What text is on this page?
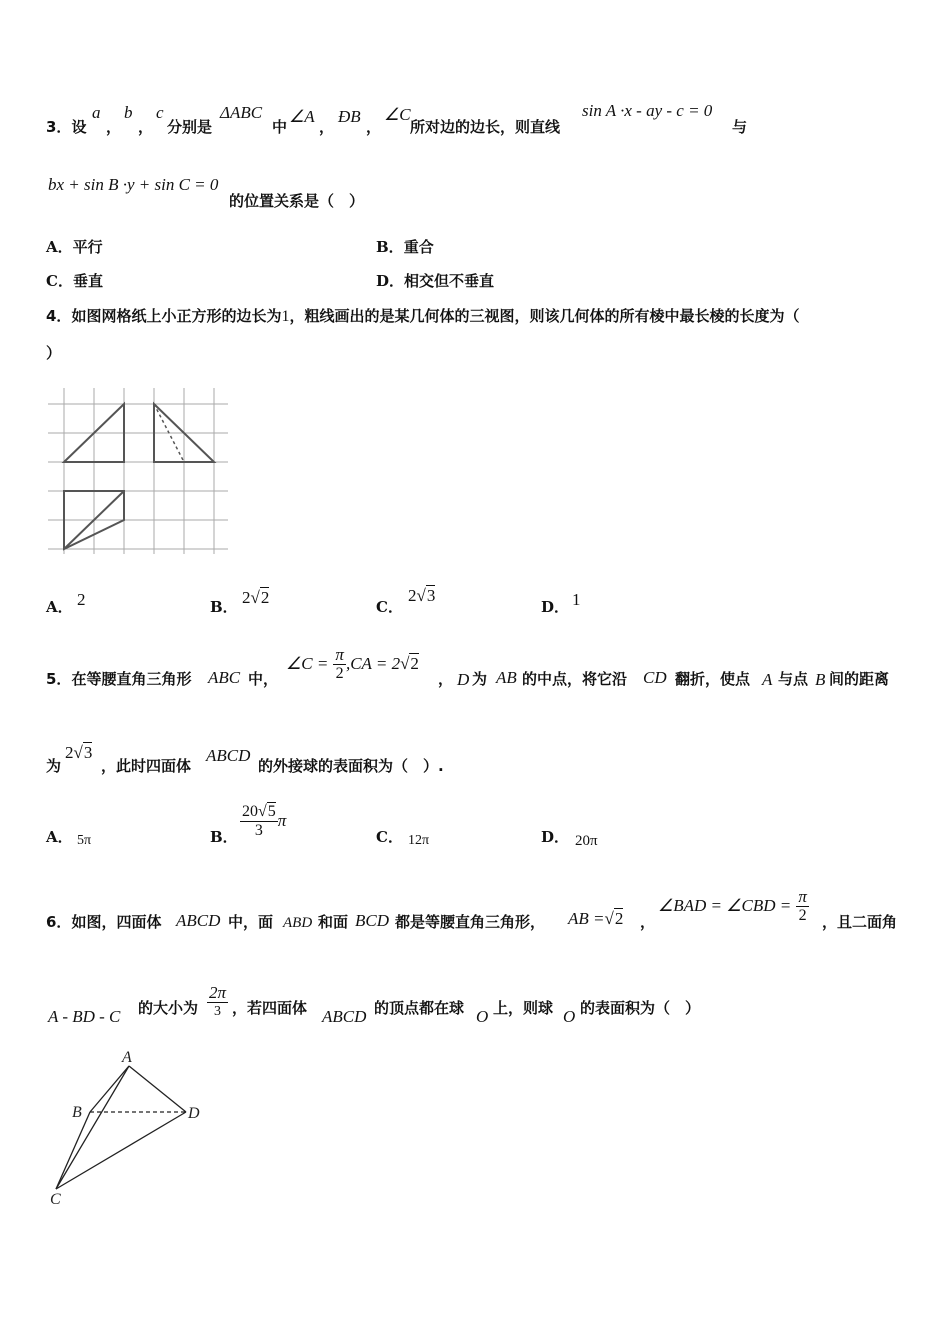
3．设
a
，
b
，
c
分别是
ΔABC
中
∠A
，
ÐB
，
∠C
所对边的边长，则直线
sin A ·x - ay - c = 0
与
bx + sin B ·y + sin C = 0
的位置关系是（　）
A．平行	B．重合
C．垂直	D．相交但不垂直
4．如图网格纸上小正方形的边长为1，粗线画出的是某几何体的三视图，则该几何体的所有棱中最长棱的长度为（
）
A． 2	B． 2√2	C．
2√3
D． 1
5．在等腰直角三角形 ABC 中，
∠C = $\frac{\pi}{2} ,CA = 2√2$
， D 为 AB 的中点，将它沿 CD 翻折，使点 A 与点 B 间的距离
为
2√3
，此时四面体
ABCD
的外接球的表面积为（　）.
A． 5π	B． $\frac{20√5}{3}$ π
C． 12π	D． 20π
6．如图，四面体 ABCD 中，面 ABD 和面 BCD 都是等腰直角三角形， AB =√2 ，
∠BAD = ∠CBD = $\frac{\pi}{2}$ ，且二面角
A - BD - C 的大小为 $\frac{2\pi}{3}$ ，若四面体 ABCD 的顶点都在球 O 上，则球 O 的表面积为（　）
A
B
C
D
